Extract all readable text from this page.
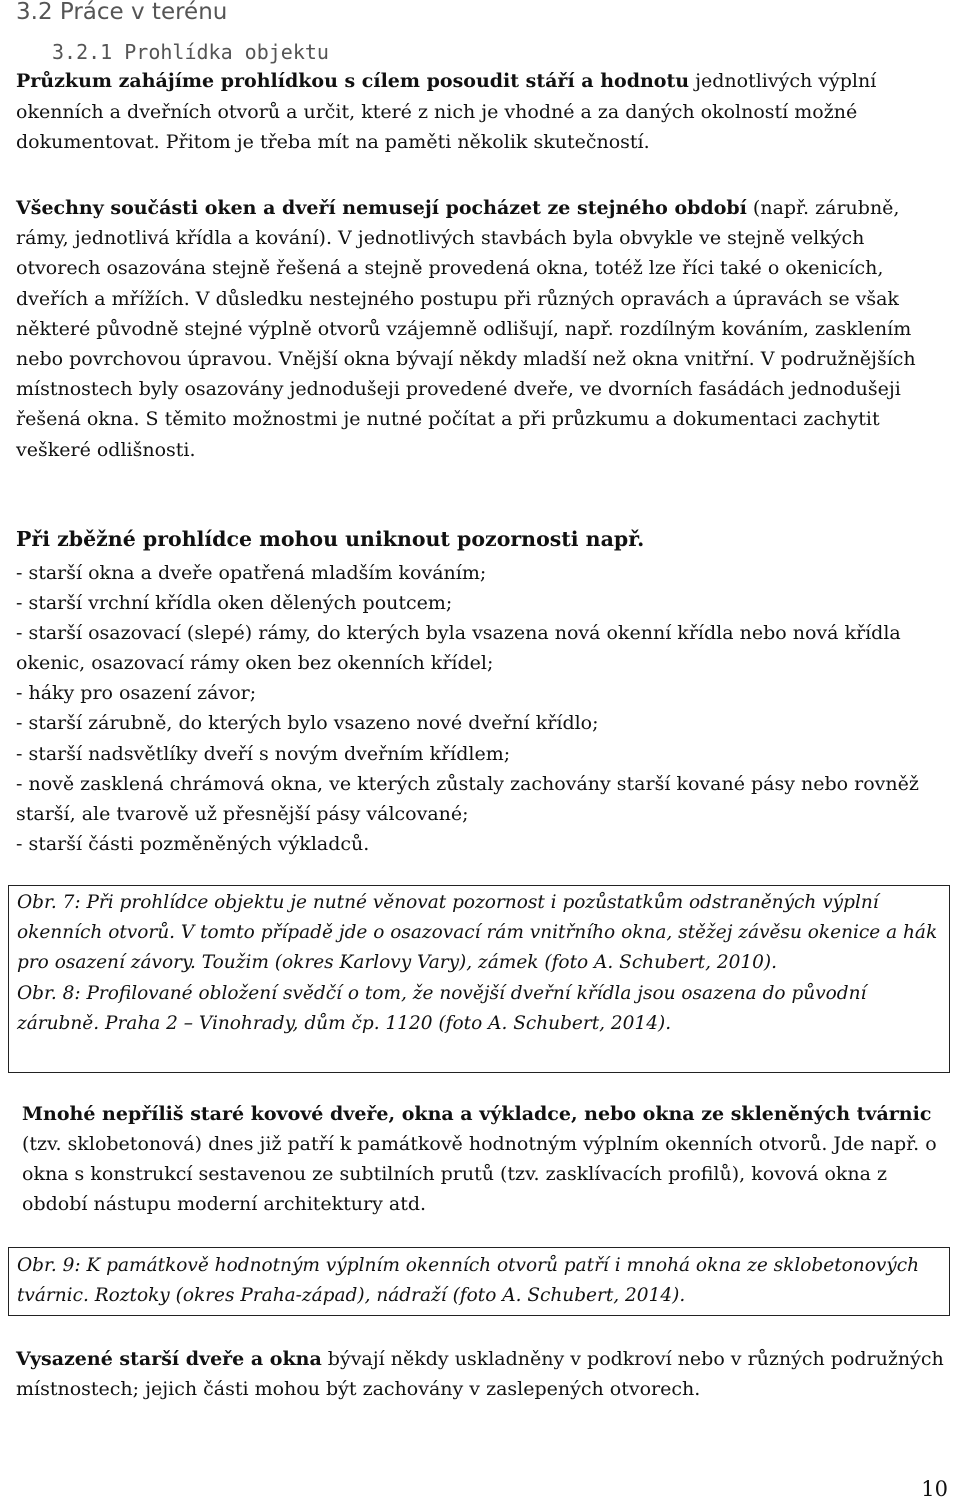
3.2 Práce v terénu
3.2.1 Prohlídka objektu

Průzkum zahájíme prohlídkou s cílem posoudit stáří a hodnotu jednotlivých výplní okenních a dveřních otvorů a určit, které z nich je vhodné a za daných okolností možné dokumentovat. Přitom je třeba mít na paměti několik skutečností.

Všechny součásti oken a dveří nemusejí pocházet ze stejného období (např. zárubně, rámy, jednotlivá křídla a kování). V jednotlivých stavbách byla obvykle ve stejně velkých otvorech osazována stejně řešená a stejně provedená okna, totéž lze říci také o okenicích, dveřích a mřížích. V důsledku nestejného postupu při různých opravách a úpravách se však některé původně stejné výplně otvorů vzájemně odlišují, např. rozdílným kováním, zasklením nebo povrchovou úpravou. Vnější okna bývají někdy mladší než okna vnitřní. V podružnějších místnostech byly osazovány jednodušeji provedené dveře, ve dvorních fasádách jednodušeji řešená okna. S těmito možnostmi je nutné počítat a při průzkumu a dokumentaci zachytit veškeré odlišnosti.

Při zběžné prohlídce mohou uniknout pozornosti např.

- starší okna a dveře opatřená mladším kováním;
- starší vrchní křídla oken dělených poutcem;
- starší osazovací (slepé) rámy, do kterých byla vsazena nová okenní křídla nebo nová křídla okenic, osazovací rámy oken bez okenních křídel;
- háky pro osazení závor;
- starší zárubně, do kterých bylo vsazeno nové dveřní křídlo;
- starší nadsvětlíky dveří s novým dveřním křídlem;
- nově zasklená chrámová okna, ve kterých zůstaly zachovány starší kované pásy nebo rovněž starší, ale tvarově už přesnější pásy válcované;
- starší části pozměněných výkladců.

Obr. 7: Při prohlídce objektu je nutné věnovat pozornost i pozůstatkům odstraněných výplní okenních otvorů. V tomto případě jde o osazovací rám vnitřního okna, stěžej závěsu okenice a hák pro osazení závory. Toužim (okres Karlovy Vary), zámek (foto A. Schubert, 2010).

Obr. 8: Profilované obložení svědčí o tom, že novější dveřní křídla jsou osazena do původní zárubně. Praha 2 – Vinohrady, dům čp. 1120 (foto A. Schubert, 2014).

Mnohé nepříliš staré kovové dveře, okna a výkladce, nebo okna ze skleněných tvárnic (tzv. sklobetonová) dnes již patří k památkově hodnotným výplním okenních otvorů. Jde např. o okna s konstrukcí sestavenou ze subtilních prutů (tzv. zasklívacích profilů), kovová okna z období nástupu moderní architektury atd.

Obr. 9: K památkově hodnotným výplním okenních otvorů patří i mnohá okna ze sklobetonových tvárnic. Roztoky (okres Praha-západ), nádraží (foto A. Schubert, 2014).

Vysazené starší dveře a okna bývají někdy uskladněny v podkroví nebo v různých podružných místnostech; jejich části mohou být zachovány v zaslepených otvorech.

10
